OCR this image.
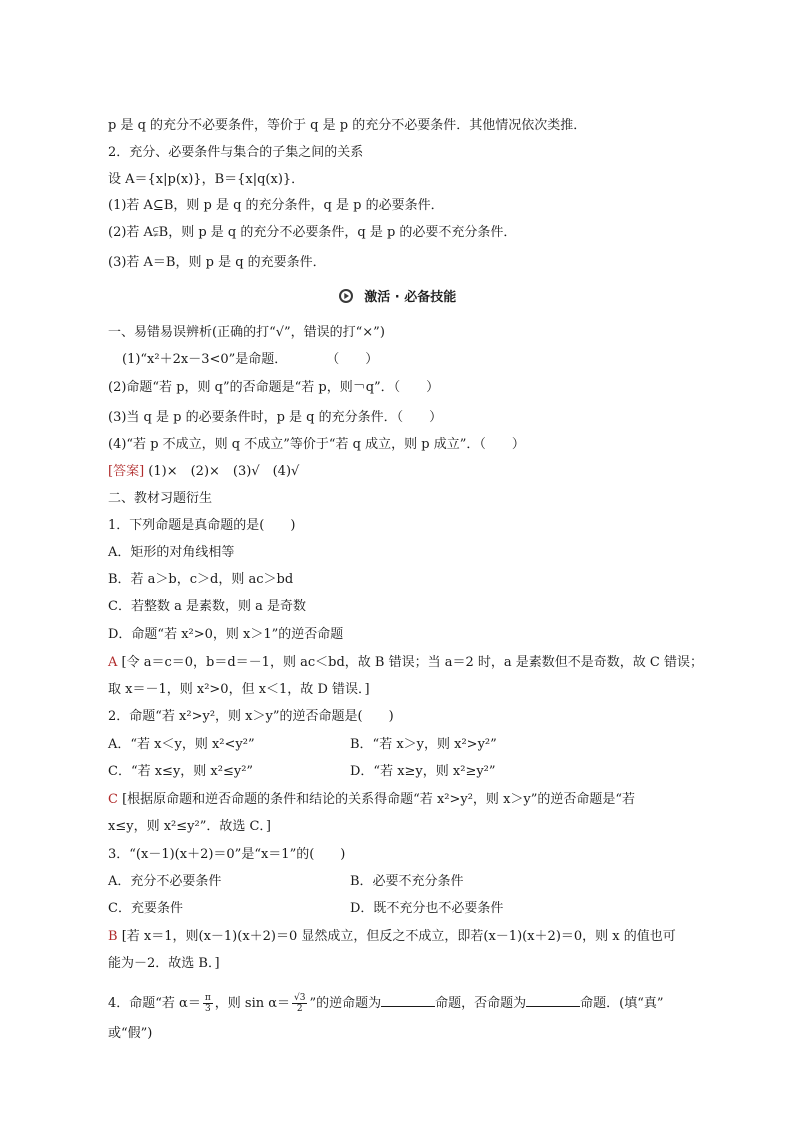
p 是 q 的充分不必要条件，等价于 q 是 p 的充分不必要条件．其他情况依次类推．
2．充分、必要条件与集合的子集之间的关系
设 A＝{x|p(x)}，B＝{x|q(x)}．
(1)若 A⊆B，则 p 是 q 的充分条件，q 是 p 的必要条件．
(2)若 A⫋B，则 p 是 q 的充分不必要条件，q 是 p 的必要不充分条件．
(3)若 A＝B，则 p 是 q 的充要条件．
激活 · 必备技能
一、易错易误辨析(正确的打“√”，错误的打“×”)
(1)“x²＋2x－3<0”是命题．　　　　（　　）
(2)命题“若 p，则 q”的否命题是“若 p，则￢q”．（　　）
(3)当 q 是 p 的必要条件时，p 是 q 的充分条件．（　　）
(4)“若 p 不成立，则 q 不成立”等价于“若 q 成立，则 p 成立”．（　　）
[答案] (1)×　(2)×　(3)√　(4)√
二、教材习题衍生
1．下列命题是真命题的是(　　)
A．矩形的对角线相等
B．若 a＞b，c＞d，则 ac＞bd
C．若整数 a 是素数，则 a 是奇数
D．命题“若 x²>0，则 x＞1”的逆否命题
A [令 a＝c＝0，b＝d＝－1，则 ac＜bd，故 B 错误；当 a＝2 时，a 是素数但不是奇数，故 C 错误；
取 x＝－1，则 x²>0，但 x＜1，故 D 错误．]
2．命题“若 x²>y²，则 x＞y”的逆否命题是(　　)
A．“若 x＜y，则 x²<y²”	B．“若 x＞y，则 x²>y²”
C．“若 x≤y，则 x²≤y²”	D．“若 x≥y，则 x²≥y²”
C [根据原命题和逆否命题的条件和结论的关系得命题“若 x²>y²，则 x＞y”的逆否命题是“若
x≤y，则 x²≤y²”．故选 C．]
3．“(x－1)(x＋2)＝0”是“x＝1”的(　　)
A．充分不必要条件	B．必要不充分条件
C．充要条件	D．既不充分也不必要条件
B [若 x＝1，则(x－1)(x＋2)＝0 显然成立，但反之不成立，即若(x－1)(x＋2)＝0，则 x 的值也可
能为－2．故选 B．]
4．命题“若 $\alpha= \frac{\pi}{3}$ ，则 $\sin \alpha= \frac{√3}{2}$ ”的逆命题为	命题，否命题为	命题．(填“真”
或“假”)
